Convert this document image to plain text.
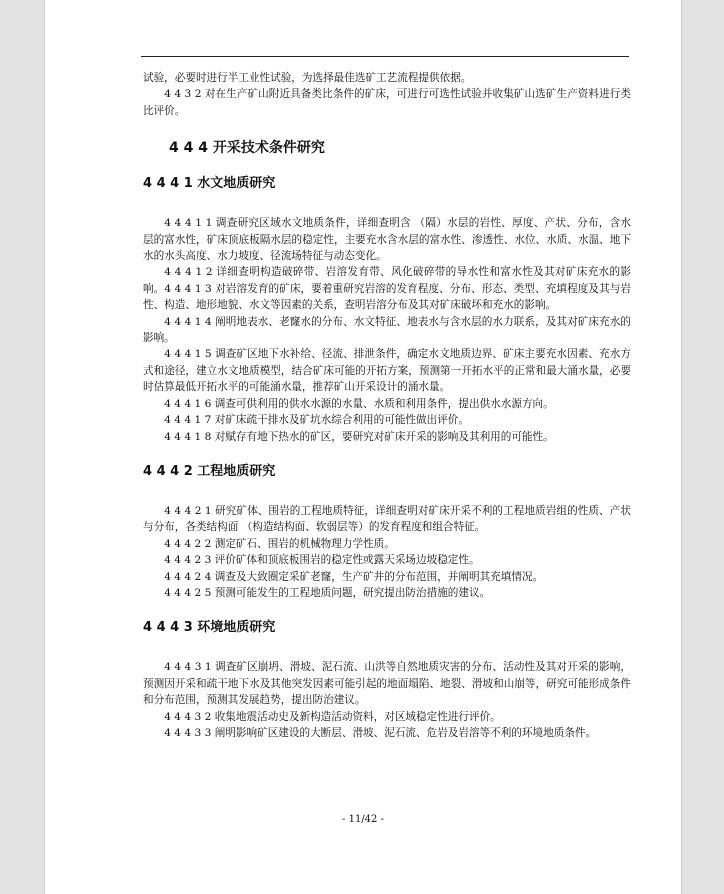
试验，必要时进行半工业性试验，为选择最佳选矿工艺流程提供依据。

4 4 3 2 对在生产矿山附近具备类比条件的矿床，可进行可选性试验并收集矿山选矿生产资料进行类比评价。

4 4 4 开采技术条件研究
4 4 4 1 水文地质研究

4 4 4 1 1 调查研究区域水文地质条件，详细查明含 （隔）水层的岩性、厚度、产状、分布，含水层的富水性，矿床顶底板隔水层的稳定性，主要充水含水层的富水性、渗透性、水位、水质、水温、地下水的水头高度、水力坡度、径流场特征与动态变化。

4 4 4 1 2 详细查明构造破碎带、岩溶发育带、风化破碎带的导水性和富水性及其对矿床充水的影响。4 4 4 1 3 对岩溶发育的矿床，要着重研究岩溶的发育程度、分布、形态、类型、充填程度及其与岩性、构造、地形地貌、水文等因素的关系，查明岩溶分布及其对矿床破坏和充水的影响。

4 4 4 1 4 阐明地表水、老窿水的分布、水文特征、地表水与含水层的水力联系，及其对矿床充水的影响。

4 4 4 1 5 调查矿区地下水补给、径流、排泄条件，确定水文地质边界、矿床主要充水因素、充水方式和途径，建立水文地质模型，结合矿床可能的开拓方案，预测第一开拓水平的正常和最大涌水量，必要时估算最低开拓水平的可能涌水量，推荐矿山开采设计的涌水量。

4 4 4 1 6 调查可供利用的供水水源的水量、水质和利用条件，提出供水水源方向。

4 4 4 1 7 对矿床疏干排水及矿坑水综合利用的可能性做出评价。

4 4 4 1 8 对赋存有地下热水的矿区，要研究对矿床开采的影响及其利用的可能性。

4 4 4 2 工程地质研究

4 4 4 2 1 研究矿体、围岩的工程地质特征，详细查明对矿床开采不利的工程地质岩组的性质、产状与分布，各类结构面 （构造结构面、软弱层等）的发育程度和组合特征。

4 4 4 2 2 测定矿石、围岩的机械物理力学性质。

4 4 4 2 3 评价矿体和顶底板围岩的稳定性或露天采场边坡稳定性。

4 4 4 2 4 调查及大致圈定采矿老窿，生产矿井的分布范围，并阐明其充填情况。

4 4 4 2 5 预测可能发生的工程地质问题，研究提出防治措施的建议。

4 4 4 3 环境地质研究

4 4 4 3 1 调查矿区崩坍、滑坡、泥石流、山洪等自然地质灾害的分布、活动性及其对开采的影响，预测因开采和疏干地下水及其他突发因素可能引起的地面塌陷、地裂、滑坡和山崩等，研究可能形成条件和分布范围，预测其发展趋势，提出防治建议。

4 4 4 3 2 收集地震活动史及新构造活动资料，对区域稳定性进行评价。

4 4 4 3 3 阐明影响矿区建设的大断层、滑坡、泥石流、危岩及岩溶等不利的环境地质条件。

- 11/42 -
